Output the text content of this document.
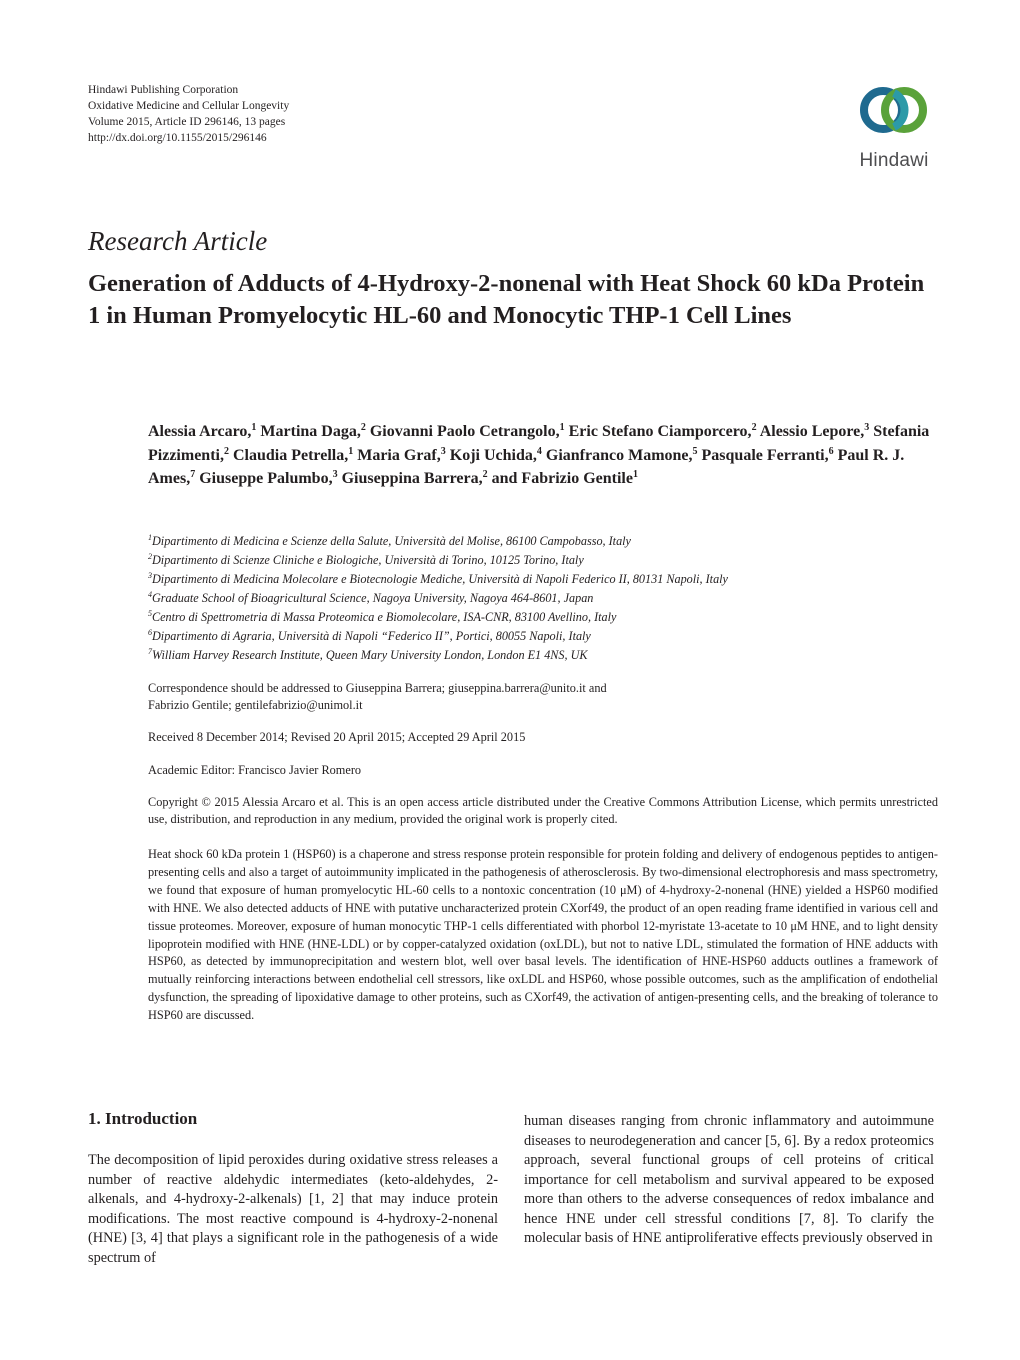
Hindawi Publishing Corporation
Oxidative Medicine and Cellular Longevity
Volume 2015, Article ID 296146, 13 pages
http://dx.doi.org/10.1155/2015/296146
Hindawi
Research Article
Generation of Adducts of 4-Hydroxy-2-nonenal with Heat Shock 60 kDa Protein 1 in Human Promyelocytic HL-60 and Monocytic THP-1 Cell Lines
Alessia Arcaro,$^1$ Martina Daga,$^2$ Giovanni Paolo Cetrangolo,$^1$ Eric Stefano Ciamporcero,$^2$ Alessio Lepore,$^3$ Stefania Pizzimenti,$^2$ Claudia Petrella,$^1$ Maria Graf,$^3$ Koji Uchida,$^4$ Gianfranco Mamone,$^5$ Pasquale Ferranti,$^6$ Paul R. J. Ames,$^7$ Giuseppe Palumbo,$^3$ Giuseppina Barrera,$^2$ and Fabrizio Gentile$^1$
$^1$Dipartimento di Medicina e Scienze della Salute, Università del Molise, 86100 Campobasso, Italy
$^2$Dipartimento di Scienze Cliniche e Biologiche, Università di Torino, 10125 Torino, Italy
$^3$Dipartimento di Medicina Molecolare e Biotecnologie Mediche, Università di Napoli Federico II, 80131 Napoli, Italy
$^4$Graduate School of Bioagricultural Science, Nagoya University, Nagoya 464-8601, Japan
$^5$Centro di Spettrometria di Massa Proteomica e Biomolecolare, ISA-CNR, 83100 Avellino, Italy
$^6$Dipartimento di Agraria, Università di Napoli “Federico II”, Portici, 80055 Napoli, Italy
$^7$William Harvey Research Institute, Queen Mary University London, London E1 4NS, UK
Correspondence should be addressed to Giuseppina Barrera; giuseppina.barrera@unito.it and
Fabrizio Gentile; gentilefabrizio@unimol.it
Received 8 December 2014; Revised 20 April 2015; Accepted 29 April 2015
Academic Editor: Francisco Javier Romero
Copyright © 2015 Alessia Arcaro et al. This is an open access article distributed under the Creative Commons Attribution License, which permits unrestricted use, distribution, and reproduction in any medium, provided the original work is properly cited.
Heat shock 60 kDa protein 1 (HSP60) is a chaperone and stress response protein responsible for protein folding and delivery of endogenous peptides to antigen-presenting cells and also a target of autoimmunity implicated in the pathogenesis of atherosclerosis. By two-dimensional electrophoresis and mass spectrometry, we found that exposure of human promyelocytic HL-60 cells to a nontoxic concentration (10 μM) of 4-hydroxy-2-nonenal (HNE) yielded a HSP60 modified with HNE. We also detected adducts of HNE with putative uncharacterized protein CXorf49, the product of an open reading frame identified in various cell and tissue proteomes. Moreover, exposure of human monocytic THP-1 cells differentiated with phorbol 12-myristate 13-acetate to 10 μM HNE, and to light density lipoprotein modified with HNE (HNE-LDL) or by copper-catalyzed oxidation (oxLDL), but not to native LDL, stimulated the formation of HNE adducts with HSP60, as detected by immunoprecipitation and western blot, well over basal levels. The identification of HNE-HSP60 adducts outlines a framework of mutually reinforcing interactions between endothelial cell stressors, like oxLDL and HSP60, whose possible outcomes, such as the amplification of endothelial dysfunction, the spreading of lipoxidative damage to other proteins, such as CXorf49, the activation of antigen-presenting cells, and the breaking of tolerance to HSP60 are discussed.
1. Introduction

The decomposition of lipid peroxides during oxidative stress releases a number of reactive aldehydic intermediates (keto-aldehydes, 2-alkenals, and 4-hydroxy-2-alkenals) [1, 2] that may induce protein modifications. The most reactive compound is 4-hydroxy-2-nonenal (HNE) [3, 4] that plays a significant role in the pathogenesis of a wide spectrum of

human diseases ranging from chronic inflammatory and autoimmune diseases to neurodegeneration and cancer [5, 6]. By a redox proteomics approach, several functional groups of cell proteins of critical importance for cell metabolism and survival appeared to be exposed more than others to the adverse consequences of redox imbalance and hence HNE under cell stressful conditions [7, 8]. To clarify the molecular basis of HNE antiproliferative effects previously observed in
